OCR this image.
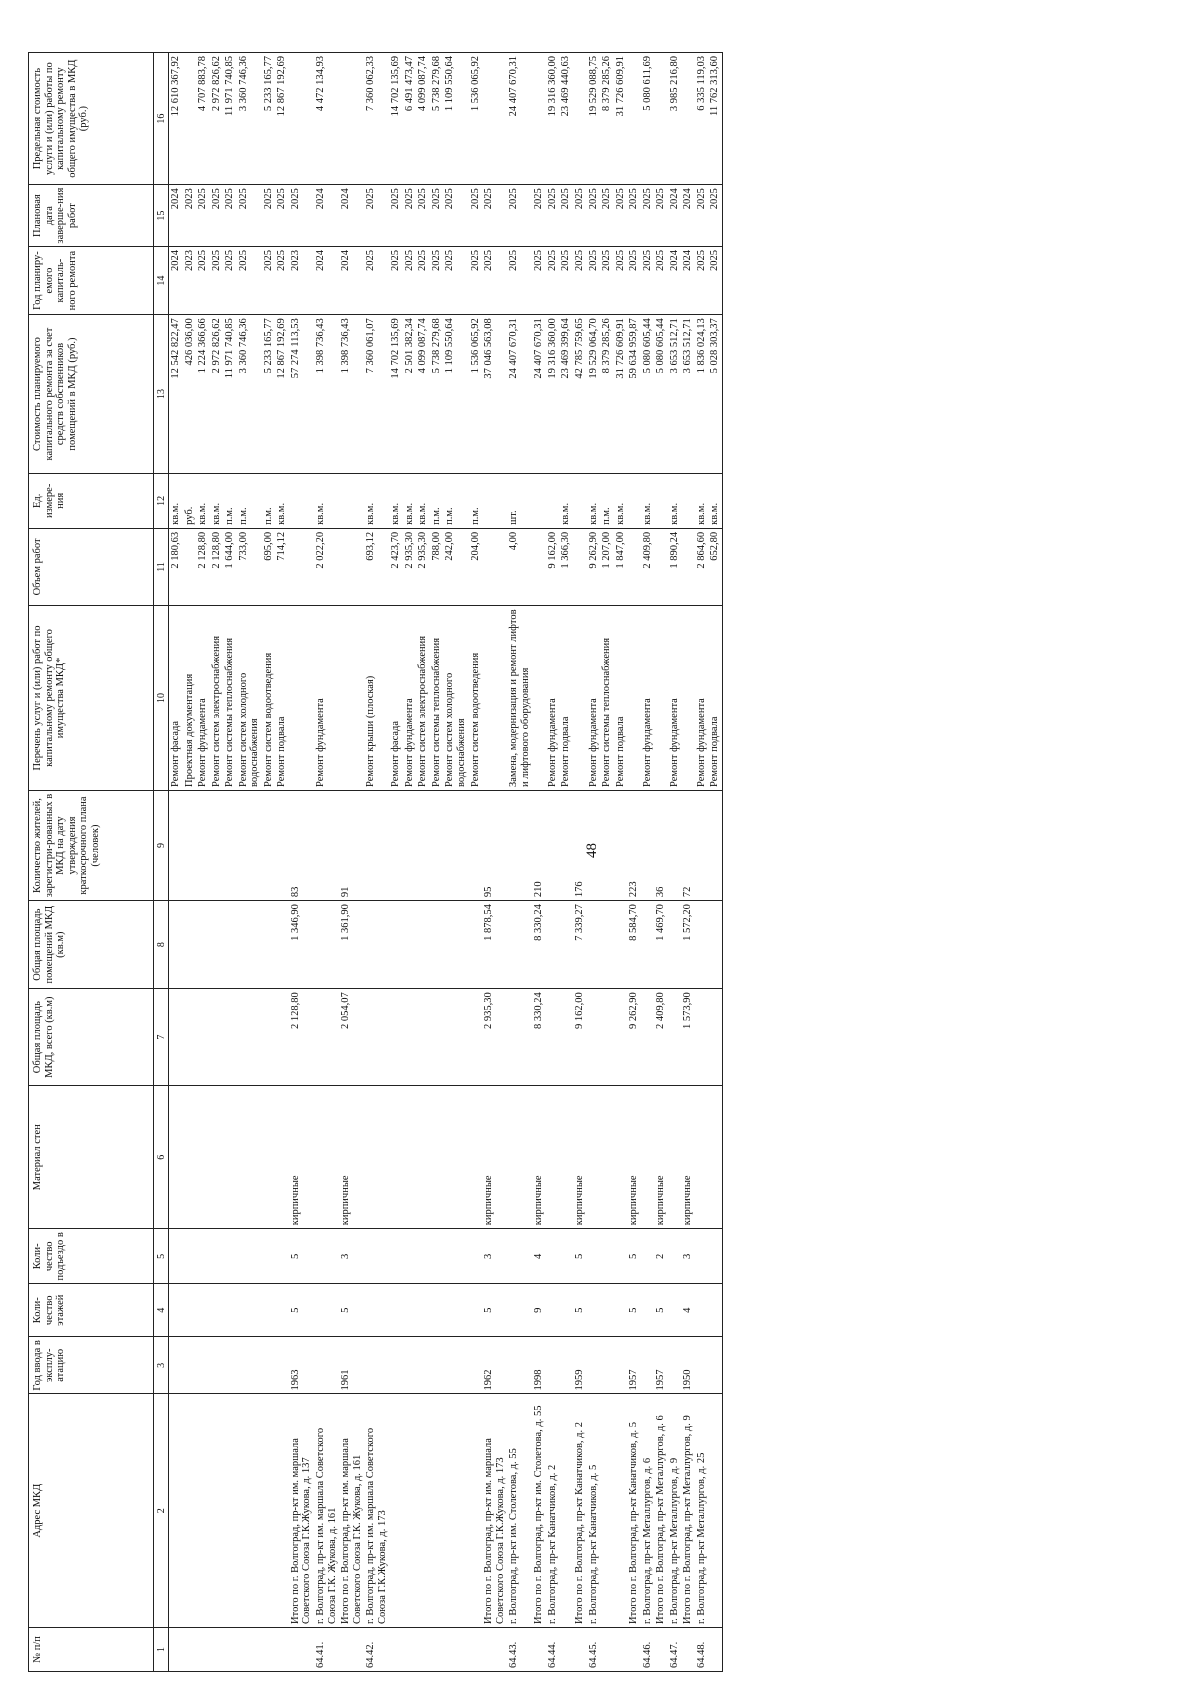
48
№ п/п	Адрес МКД	Год ввода в эксплу-атацию	Коли-чество этажей	Коли-чество подъездо в	Материал стен	Общая площадь МКД, всего (кв.м)	Общая площадь помещений МКД (кв.м)	Количество жителей, зарегистри-рованных в МКД на дату утверждения краткосрочного плана (человек)	Перечень услуг и (или) работ по капитальному ремонту общего имущества МКД*	Объем работ	Ед. измере-ния	Стоимость планируемого капитального ремонта за счет средств собственников помещений в МКД (руб.)	Год планиру-емого капиталь-ного ремонта	Плановая дата заверше-ния работ	Предельная стоимость услуги и (или) работы по капитальному ремонту общего имущества в МКД (руб.)
1	2	3	4	5	6	7	8	9	10	11	12	13	14	15	16
									Ремонт фасада	2 180,63	кв.м.	12 542 822,47	2024	2024	12 610 367,92
									Проектная документация		руб.	426 036,00	2023	2023	
									Ремонт фундамента	2 128,80	кв.м.	1 224 366,66	2025	2025	4 707 883,78
									Ремонт систем электроснабжения	2 128,80	кв.м.	2 972 826,62	2025	2025	2 972 826,62
									Ремонт системы теплоснабжения	1 644,00	п.м.	11 971 740,85	2025	2025	11 971 740,85
									Ремонт систем холодного водоснабжения	733,00	п.м.	3 360 746,36	2025	2025	3 360 746,36
									Ремонт систем водоотведения	695,00	п.м.	5 233 165,77	2025	2025	5 233 165,77
									Ремонт подвала	714,12	кв.м.	12 867 192,69	2025	2025	12 867 192,69
	Итого по г. Волгоград, пр-кт им. маршала Советского Союза Г.К.Жукова, д. 137	1963	5	5	кирпичные	2 128,80	1 346,90	83				57 274 113,53	2023	2025	
64.41.	г. Волгоград, пр-кт им. маршала Советского Союза Г.К. Жукова, д. 161								Ремонт фундамента	2 022,20	кв.м.	1 398 736,43	2024	2024	4 472 134,93
	Итого по г. Волгоград, пр-кт им. маршала Советского Союза Г.К. Жукова, д. 161	1961	5	3	кирпичные	2 054,07	1 361,90	91				1 398 736,43	2024	2024	
64.42.	г. Волгоград, пр-кт им. маршала Советского Союза Г.К.Жукова, д. 173								Ремонт крыши (плоская)	693,12	кв.м.	7 360 061,07	2025	2025	7 360 062,33
									Ремонт фасада	2 423,70	кв.м.	14 702 135,69	2025	2025	14 702 135,69
									Ремонт фундамента	2 935,30	кв.м.	2 501 382,34	2025	2025	6 491 473,47
									Ремонт систем электроснабжения	2 935,30	кв.м.	4 099 087,74	2025	2025	4 099 087,74
									Ремонт системы теплоснабжения	788,00	п.м.	5 738 279,68	2025	2025	5 738 279,68
									Ремонт систем холодного водоснабжения	242,00	п.м.	1 109 550,64	2025	2025	1 109 550,64
									Ремонт систем водоотведения	204,00	п.м.	1 536 065,92	2025	2025	1 536 065,92
	Итого по г. Волгоград, пр-кт им. маршала Советского Союза Г.К.Жукова, д. 173	1962	5	3	кирпичные	2 935,30	1 878,54	95				37 046 563,08	2025	2025	
64.43.	г. Волгоград, пр-кт им. Столетова, д. 55								Замена, модернизация и ремонт лифтов и лифтового оборудования	4,00	шт.	24 407 670,31	2025	2025	24 407 670,31
	Итого по г. Волгоград, пр-кт им. Столетова, д. 55	1998	9	4	кирпичные	8 330,24	8 330,24	210				24 407 670,31	2025	2025	
64.44.	г. Волгоград, пр-кт Канатчиков, д. 2								Ремонт фундамента	9 162,00		19 316 360,00	2025	2025	19 316 360,00
									Ремонт подвала	1 366,30	кв.м.	23 469 399,64	2025	2025	23 469 440,63
	Итого по г. Волгоград, пр-кт Канатчиков, д. 2	1959	5	5	кирпичные	9 162,00	7 339,27	176				42 785 759,65	2025	2025	
64.45.	г. Волгоград, пр-кт Канатчиков, д. 5								Ремонт фундамента	9 262,90	кв.м.	19 529 064,70	2025	2025	19 529 088,75
									Ремонт системы теплоснабжения	1 207,00	п.м.	8 379 285,26	2025	2025	8 379 285,26
									Ремонт подвала	1 847,00	кв.м.	31 726 609,91	2025	2025	31 726 609,91
	Итого по г. Волгоград, пр-кт Канатчиков, д. 5	1957	5	5	кирпичные	9 262,90	8 584,70	223				59 634 959,87	2025	2025	
64.46.	г. Волгоград, пр-кт Металлургов, д. 6								Ремонт фундамента	2 409,80	кв.м.	5 080 605,44	2025	2025	5 080 611,69
	Итого по г. Волгоград, пр-кт Металлургов, д. 6	1957	5	2	кирпичные	2 409,80	1 469,70	36				5 080 605,44	2025	2025	
64.47.	г. Волгоград, пр-кт Металлургов, д. 9								Ремонт фундамента	1 890,24	кв.м.	3 653 512,71	2024	2024	3 985 216,80
	Итого по г. Волгоград, пр-кт Металлургов, д. 9	1950	4	3	кирпичные	1 573,90	1 572,20	72				3 653 512,71	2024	2024	
64.48.	г. Волгоград, пр-кт Металлургов, д. 25								Ремонт фундамента	2 864,60	кв.м.	1 836 024,13	2025	2025	6 335 119,03
									Ремонт подвала	652,80	кв.м.	5 028 303,37	2025	2025	11 762 313,60
